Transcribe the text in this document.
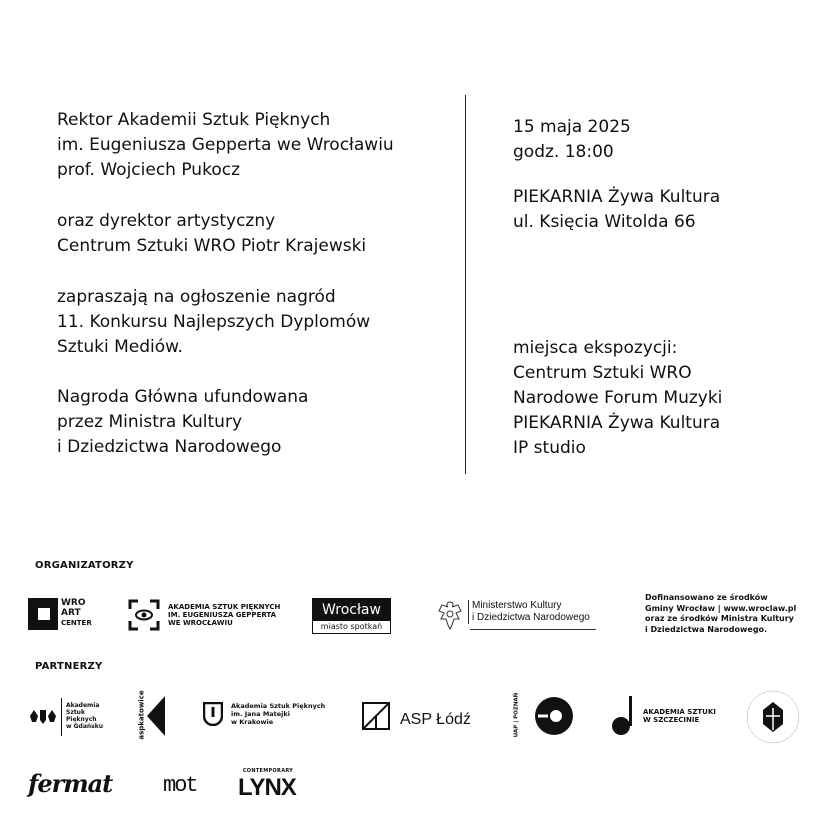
Rektor Akademii Sztuk Pięknych
im. Eugeniusza Gepperta we Wrocławiu
prof. Wojciech Pukocz
oraz dyrektor artystyczny
Centrum Sztuki WRO Piotr Krajewski
zapraszają na ogłoszenie nagród
11. Konkursu Najlepszych Dyplomów
Sztuki Mediów.
Nagroda Główna ufundowana
przez Ministra Kultury
i Dziedzictwa Narodowego
15 maja 2025
godz. 18:00
PIEKARNIA Żywa Kultura
ul. Księcia Witolda 66
miejsca ekspozycji:
Centrum Sztuki WRO
Narodowe Forum Muzyki
PIEKARNIA Żywa Kultura
IP studio
ORGANIZATORZY
WRO
ART
CENTER
AKADEMIA SZTUK PIĘKNYCH
IM. EUGENIUSZA GEPPERTA
WE WROCŁAWIU
Wrocław
miasto spotkań
Ministerstwo Kultury
i Dziedzictwa Narodowego
Dofinansowano ze środków
Gminy Wrocław | www.wroclaw.pl
oraz ze środków Ministra Kultury
i Dziedzictwa Narodowego.
PARTNERZY
Akademia
Sztuk
Pięknych
w Gdańsku	aspkatowice	Akademia Sztuk Pięknych
im. Jana Matejki
w Krakowie	ASP Łódź	UAP | POZNAŃ	AKADEMIA SZTUKI
W SZCZECINIE
fermat	mot
CONTEMPORARY
LYNX
